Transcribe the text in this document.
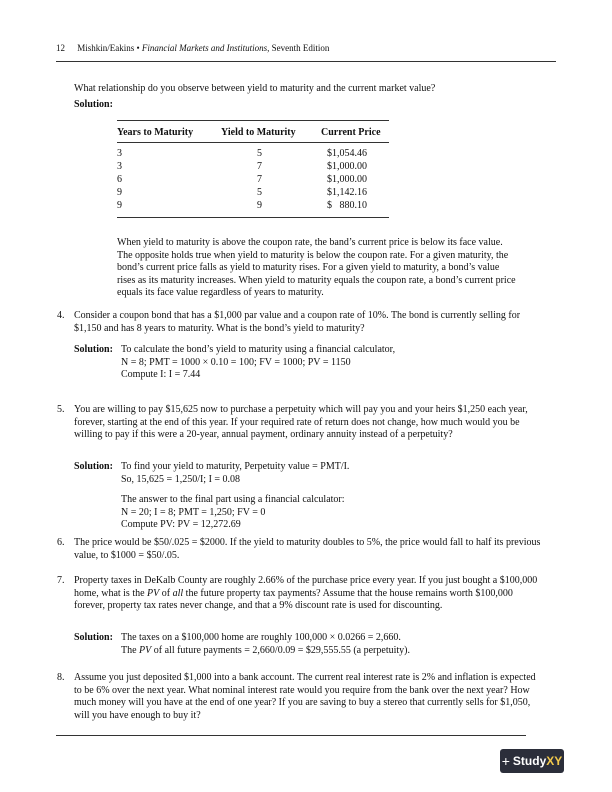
12 Mishkin/Eakins • Financial Markets and Institutions, Seventh Edition

What relationship do you observe between yield to maturity and the current market value?

Solution:

Years to Maturity	Yield to Maturity	Current Price
3	5	$1,054.46
3	7	$1,000.00
6	7	$1,000.00
9	5	$1,142.16
9	9	$   880.10
When yield to maturity is above the coupon rate, the band’s current price is below its face value. The opposite holds true when yield to maturity is below the coupon rate. For a given maturity, the bond’s current price falls as yield to maturity rises. For a given yield to maturity, a bond’s value rises as its maturity increases. When yield to maturity equals the coupon rate, a bond’s current price equals its face value regardless of years to maturity.
4. Consider a coupon bond that has a $1,000 par value and a coupon rate of 10%. The bond is currently selling for $1,150 and has 8 years to maturity. What is the bond’s yield to maturity?
Solution: To calculate the bond’s yield to maturity using a financial calculator,
N = 8; PMT = 1000 × 0.10 = 100; FV = 1000; PV = 1150
Compute I: I = 7.44
5. You are willing to pay $15,625 now to purchase a perpetuity which will pay you and your heirs $1,250 each year, forever, starting at the end of this year. If your required rate of return does not change, how much would you be willing to pay if this were a 20-year, annual payment, ordinary annuity instead of a perpetuity?
Solution: To find your yield to maturity, Perpetuity value = PMT/I.
So, 15,625 = 1,250/I; I = 0.08
The answer to the final part using a financial calculator:
N = 20; I = 8; PMT = 1,250; FV = 0
Compute PV: PV = 12,272.69
6. The price would be $50/.025 = $2000. If the yield to maturity doubles to 5%, the price would fall to half its previous value, to $1000 = $50/.05.
7. Property taxes in DeKalb County are roughly 2.66% of the purchase price every year. If you just bought a $100,000 home, what is the PV of all the future property tax payments? Assume that the house remains worth $100,000 forever, property tax rates never change, and that a 9% discount rate is used for discounting.
Solution: The taxes on a $100,000 home are roughly 100,000 × 0.0266 = 2,660.
The PV of all future payments = 2,660/0.09 = $29,555.55 (a perpetuity).
8. Assume you just deposited $1,000 into a bank account. The current real interest rate is 2% and inflation is expected to be 6% over the next year. What nominal interest rate would you require from the bank over the next year? How much money will you have at the end of one year? If you are saving to buy a stereo that currently sells for $1,050, will you have enough to buy it?
+ Study XY
